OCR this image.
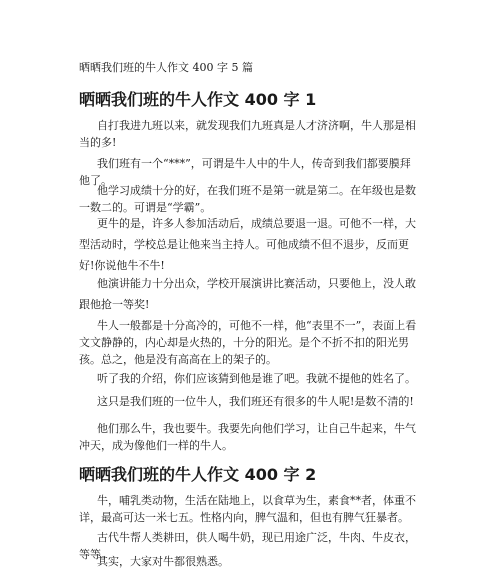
晒晒我们班的牛人作文 400 字 5 篇
晒晒我们班的牛人作文 400 字 1
自打我进九班以来，就发现我们九班真是人才济济啊，牛人那是相当的多!
我们班有一个“***”，可谓是牛人中的牛人，传奇到我们都要膜拜他了。
他学习成绩十分的好，在我们班不是第一就是第二。在年级也是数一数二的。可谓是“学霸”。
更牛的是，许多人参加活动后，成绩总要退一退。可他不一样，大型活动时，学校总是让他来当主持人。可他成绩不但不退步，反而更好!你说他牛不牛!
他演讲能力十分出众，学校开展演讲比赛活动，只要他上，没人敢跟他抢一等奖!
牛人一般都是十分高冷的，可他不一样，他“表里不一”，表面上看文文静静的，内心却是火热的，十分的阳光。是个不折不扣的阳光男孩。总之，他是没有高高在上的架子的。
听了我的介绍，你们应该猜到他是谁了吧。我就不提他的姓名了。
这只是我们班的一位牛人，我们班还有很多的牛人呢!是数不清的!
他们那么牛，我也要牛。我要先向他们学习，让自己牛起来，牛气冲天，成为像他们一样的牛人。
晒晒我们班的牛人作文 400 字 2
牛，哺乳类动物，生活在陆地上，以食草为生，素食**者，体重不详，最高可达一米七五。性格内向，脾气温和，但也有脾气狂暴者。
古代牛帮人类耕田，供人喝牛奶，现已用途广泛，牛肉、牛皮衣，等等。
其实，大家对牛都很熟悉。
